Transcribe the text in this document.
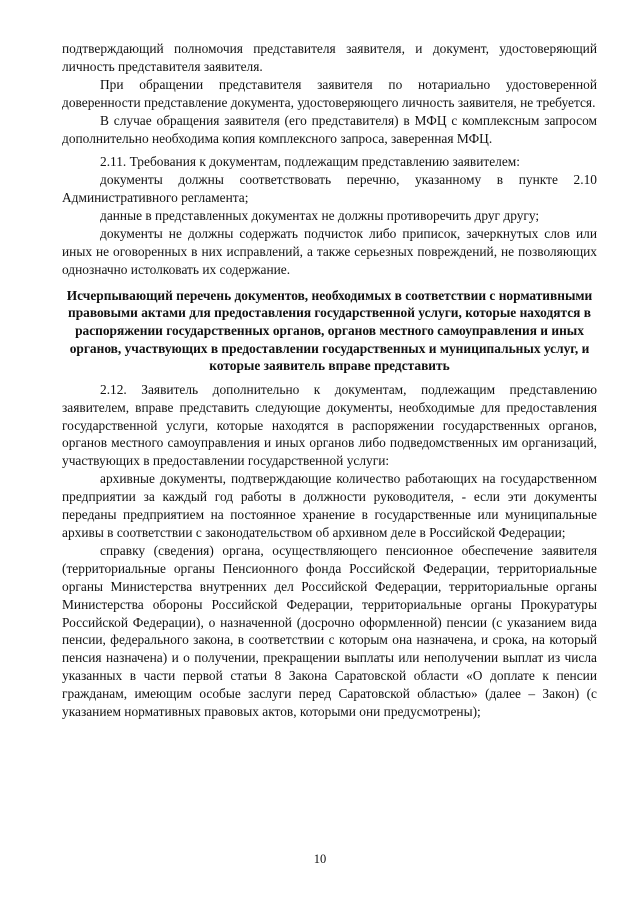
подтверждающий полномочия представителя заявителя, и документ, удостоверяющий личность представителя заявителя.

При обращении представителя заявителя по нотариально удостоверенной доверенности представление документа, удостоверяющего личность заявителя, не требуется.

В случае обращения заявителя (его представителя) в МФЦ с комплексным запросом дополнительно необходима копия комплексного запроса, заверенная МФЦ.

2.11. Требования к документам, подлежащим представлению заявителем:

документы должны соответствовать перечню, указанному в пункте 2.10 Административного регламента;

данные в представленных документах не должны противоречить друг другу;

документы не должны содержать подчисток либо приписок, зачеркнутых слов или иных не оговоренных в них исправлений, а также серьезных повреждений, не позволяющих однозначно истолковать их содержание.

Исчерпывающий перечень документов, необходимых в соответствии с нормативными правовыми актами для предоставления государственной услуги, которые находятся в распоряжении государственных органов, органов местного самоуправления и иных органов, участвующих в предоставлении государственных и муниципальных услуг, и которые заявитель вправе представить

2.12. Заявитель дополнительно к документам, подлежащим представлению заявителем, вправе представить следующие документы, необходимые для предоставления государственной услуги, которые находятся в распоряжении государственных органов, органов местного самоуправления и иных органов либо подведомственных им организаций, участвующих в предоставлении государственной услуги:

архивные документы, подтверждающие количество работающих на государственном предприятии за каждый год работы в должности руководителя, - если эти документы переданы предприятием на постоянное хранение в государственные или муниципальные архивы в соответствии с законодательством об архивном деле в Российской Федерации;

справку (сведения) органа, осуществляющего пенсионное обеспечение заявителя (территориальные органы Пенсионного фонда Российской Федерации, территориальные органы Министерства внутренних дел Российской Федерации, территориальные органы Министерства обороны Российской Федерации, территориальные органы Прокуратуры Российской Федерации), о назначенной (досрочно оформленной) пенсии (с указанием вида пенсии, федерального закона, в соответствии с которым она назначена, и срока, на который пенсия назначена) и о получении, прекращении выплаты или неполучении выплат из числа указанных в части первой статьи 8 Закона Саратовской области «О доплате к пенсии гражданам, имеющим особые заслуги перед Саратовской областью» (далее – Закон) (с указанием нормативных правовых актов, которыми они предусмотрены);

10
